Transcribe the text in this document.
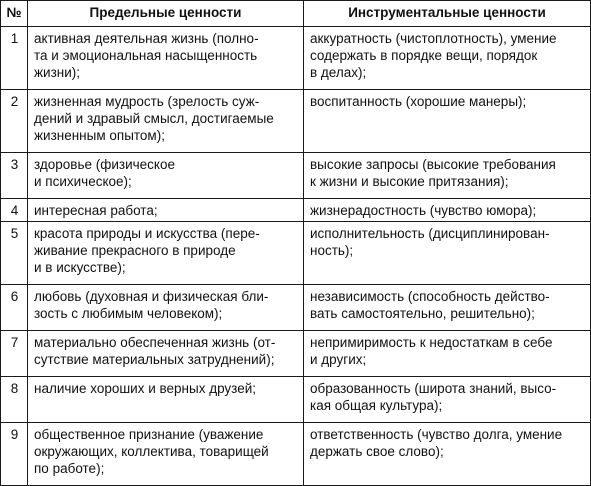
№	Предельные ценности	Инструментальные ценности
1	активная деятельная жизнь (полно-
та и эмоциональная насыщенность
жизни);	аккуратность (чистоплотность), умение
содержать в порядке вещи, порядок
в делах);

2	жизненная мудрость (зрелость суж-
дений и здравый смысл, достигаемые
жизненным опытом);	воспитанность (хорошие манеры);

3	здоровье (физическое
и психическое);	высокие запросы (высокие требования
к жизни и высокие притязания);

4	интересная работа;	жизнерадостность (чувство юмора);

5	красота природы и искусства (пере-
живание прекрасного в природе
и в искусстве);	исполнительность (дисциплинирован-
ность);

6	любовь (духовная и физическая бли-
зость с любимым человеком);	независимость (способность действо-
вать самостоятельно, решительно);

7	материально обеспеченная жизнь (от-
сутствие материальных затруднений);	непримиримость к недостаткам в себе
и других;

8	наличие хороших и верных друзей;	образованность (широта знаний, высо-
кая общая культура);

9	общественное признание (уважение
окружающих, коллектива, товарищей
по работе);	ответственность (чувство долга, умение
держать свое слово);
